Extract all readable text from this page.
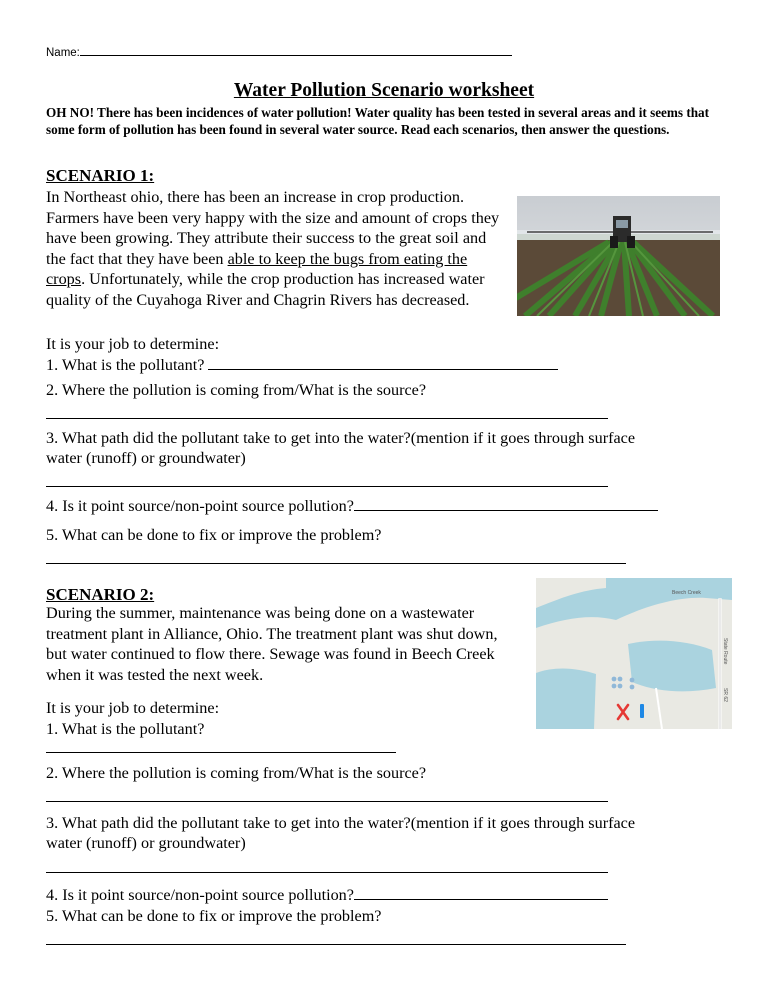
Name:
Water Pollution Scenario worksheet
OH NO! There has been incidences of water pollution! Water quality has been tested in several areas and it seems that some form of pollution has been found in several water source. Read each scenarios, then answer the questions.
SCENARIO 1:
In Northeast ohio, there has been an increase in crop production. Farmers have been very happy with the size and amount of crops they have been growing. They attribute their success to the great soil and the fact that they have been able to keep the bugs from eating the crops. Unfortunately, while the crop production has increased water quality of the Cuyahoga River and Chagrin Rivers has decreased.
It is your job to determine:
1. What is the pollutant?
2. Where the pollution is coming from/What is the source?
3. What path did the pollutant take to get into the water?(mention if it goes through surface
water (runoff) or groundwater)
4. Is it point source/non-point source pollution?
5. What can be done to fix or improve the problem?
SCENARIO 2:
During the summer, maintenance was being done on a wastewater treatment plant in Alliance, Ohio. The treatment plant was shut down, but water continued to flow there. Sewage was found in Beech Creek when it was tested the next week.
Beech Creek
State Route
SR 62
It is your job to determine:
1. What is the pollutant?
2. Where the pollution is coming from/What is the source?
3. What path did the pollutant take to get into the water?(mention if it goes through surface
water (runoff) or groundwater)
4. Is it point source/non-point source pollution?
5. What can be done to fix or improve the problem?
